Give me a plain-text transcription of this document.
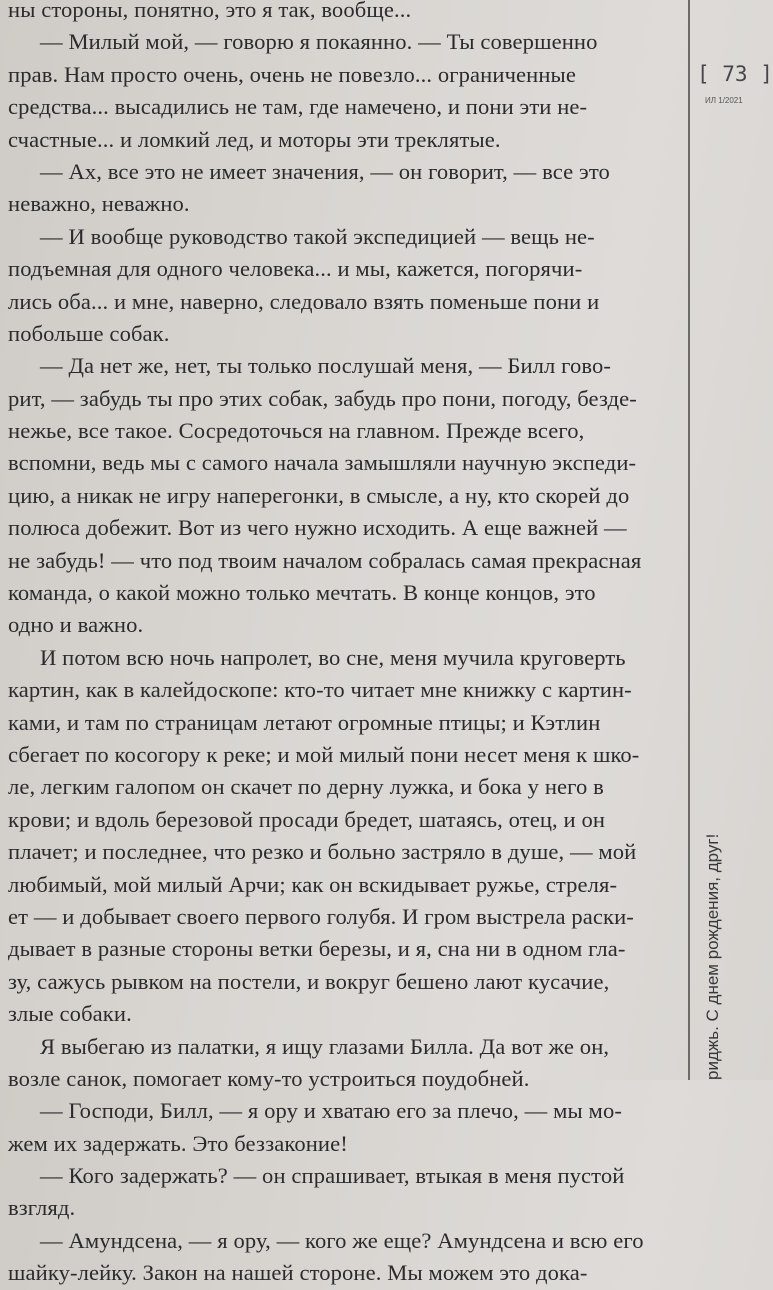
ны стороны, понятно, это я так, вообще...
— Милый мой, — говорю я покаянно. — Ты совершенно
прав. Нам просто очень, очень не повезло... ограниченные
средства... высадились не там, где намечено, и пони эти не-
счастные... и ломкий лед, и моторы эти треклятые.
— Ах, все это не имеет значения, — он говорит, — все это
неважно, неважно.
— И вообще руководство такой экспедицией — вещь не-
подъемная для одного человека... и мы, кажется, погорячи-
лись оба... и мне, наверно, следовало взять поменьше пони и
побольше собак.
— Да нет же, нет, ты только послушай меня, — Билл гово-
рит, — забудь ты про этих собак, забудь про пони, погоду, безде-
нежье, все такое. Сосредоточься на главном. Прежде всего,
вспомни, ведь мы с самого начала замышляли научную экспеди-
цию, а никак не игру наперегонки, в смысле, а ну, кто скорей до
полюса добежит. Вот из чего нужно исходить. А еще важней —
не забудь! — что под твоим началом собралась самая прекрасная
команда, о какой можно только мечтать. В конце концов, это
одно и важно.
И потом всю ночь напролет, во сне, меня мучила круговерть
картин, как в калейдоскопе: кто-то читает мне книжку с картин-
ками, и там по страницам летают огромные птицы; и Кэтлин
сбегает по косогору к реке; и мой милый пони несет меня к шко-
ле, легким галопом он скачет по дерну лужка, и бока у него в
крови; и вдоль березовой просади бредет, шатаясь, отец, и он
плачет; и последнее, что резко и больно застряло в душе, — мой
любимый, мой милый Арчи; как он вскидывает ружье, стреля-
ет — и добывает своего первого голубя. И гром выстрела раски-
дывает в разные стороны ветки березы, и я, сна ни в одном гла-
зу, сажусь рывком на постели, и вокруг бешено лают кусачие,
злые собаки.
Я выбегаю из палатки, я ищу глазами Билла. Да вот же он,
возле санок, помогает кому-то устроиться поудобней.
— Господи, Билл, — я ору и хватаю его за плечо, — мы мо-
жем их задержать. Это беззаконие!
— Кого задержать? — он спрашивает, втыкая в меня пустой
взгляд.
— Амундсена, — я ору, — кого же еще? Амундсена и всю его
шайку-лейку. Закон на нашей стороне. Мы можем это дока-
[ 73 ]
ИЛ 1/2021
риджь. С днем рождения, друг!
